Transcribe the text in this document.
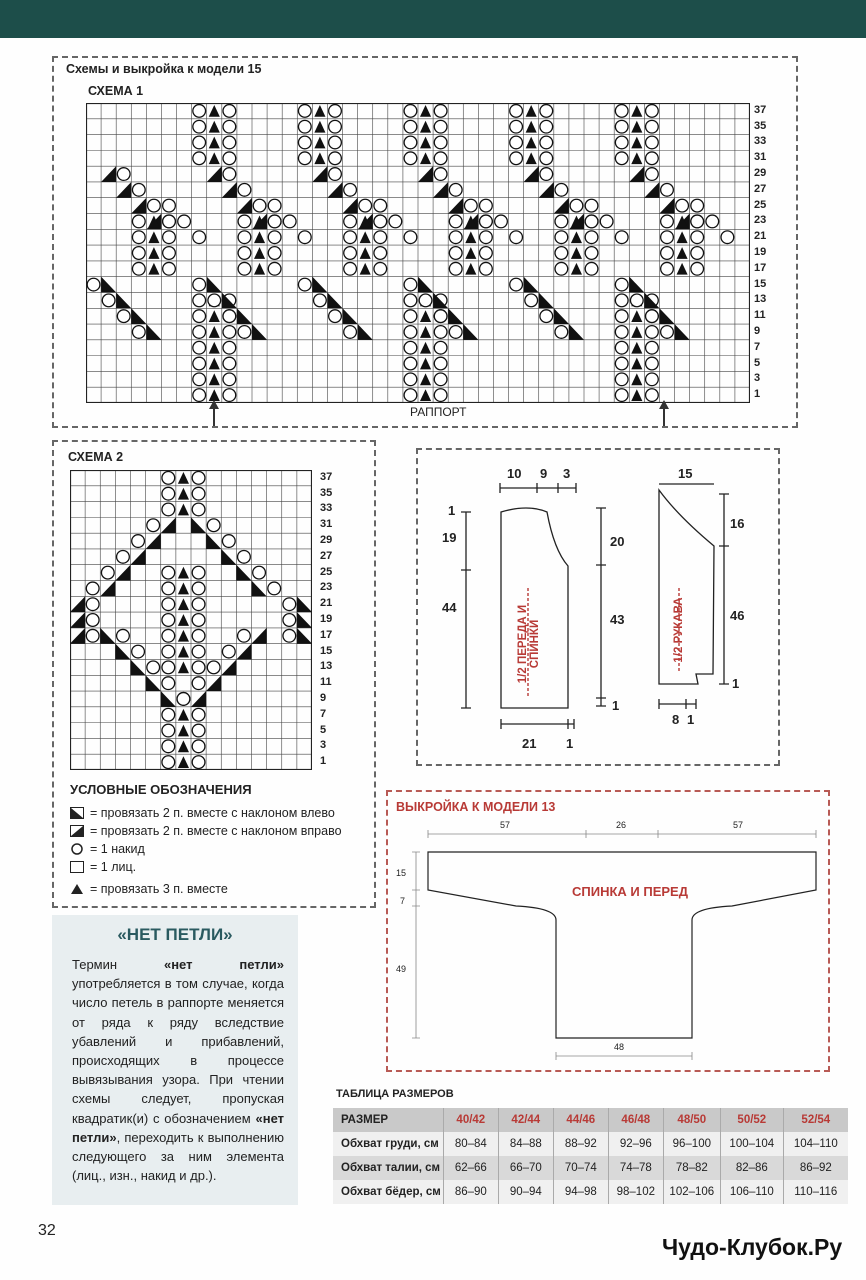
Схемы и выкройка к модели 15
СХЕМА 1
37
35
33
31
29
27
25
23
21
19
17
15
13
11
9
7
5
3
1
РАППОРТ
СХЕМА 2
37
35
33
31
29
27
25
23
21
19
17
15
13
11
9
7
5
3
1
УСЛОВНЫЕ ОБОЗНАЧЕНИЯ
= провязать 2 п. вместе с наклоном влево
= провязать 2 п. вместе с наклоном вправо
= 1 накид
= 1 лиц.
= провязать 3 п. вместе
«НЕТ ПЕТЛИ»
Термин «нет петли» употребляется в том случае, когда число петель в раппорте меняется от ряда к ряду вследствие убавлений и прибавлений, происходящих в процессе вывязывания узора. При чтении схемы следует, пропуская квадратик(и) с обозначением «нет петли», переходить к выполнению следующего за ним элемента (лиц., изн., накид и др.).
10 9 3
1
19
44
20
43
1
21 1
15
16
46
1
8 1
1/2 ПЕРЕДА И СПИНКИ	1/2 РУКАВА
ВЫКРОЙКА К МОДЕЛИ 13
57	26	57
15
7
49
48
СПИНКА И ПЕРЕД
ТАБЛИЦА РАЗМЕРОВ
РАЗМЕР	40/42	42/44	44/46	46/48	48/50	50/52	52/54
Обхват груди, см	80–84	84–88	88–92	92–96	96–100	100–104	104–110
Обхват талии, см	62–66	66–70	70–74	74–78	78–82	82–86	86–92
Обхват бёдер, см	86–90	90–94	94–98	98–102	102–106	106–110	110–116
32
Чудо-Клубок.Ру
